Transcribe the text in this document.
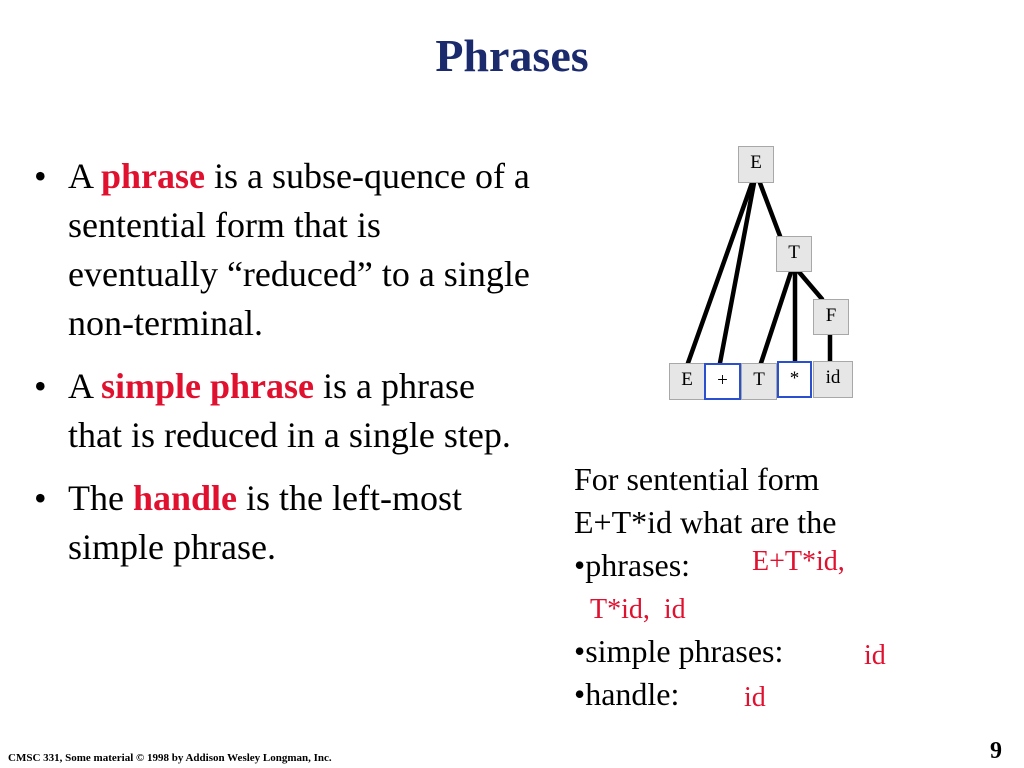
Phrases
• A phrase is a subse-quence of a sentential form that is eventually “reduced” to a single non-terminal.
• A simple phrase is a phrase that is reduced in a single step.
• The handle is the left-most simple phrase.
E
T
F
E	+	T	*	id
For sentential form
E+T*id what are the
•phrases:
•simple phrases:
•handle:
E+T*id,
T*id,  id
id
id
CMSC 331, Some material © 1998 by Addison Wesley Longman, Inc.	9
